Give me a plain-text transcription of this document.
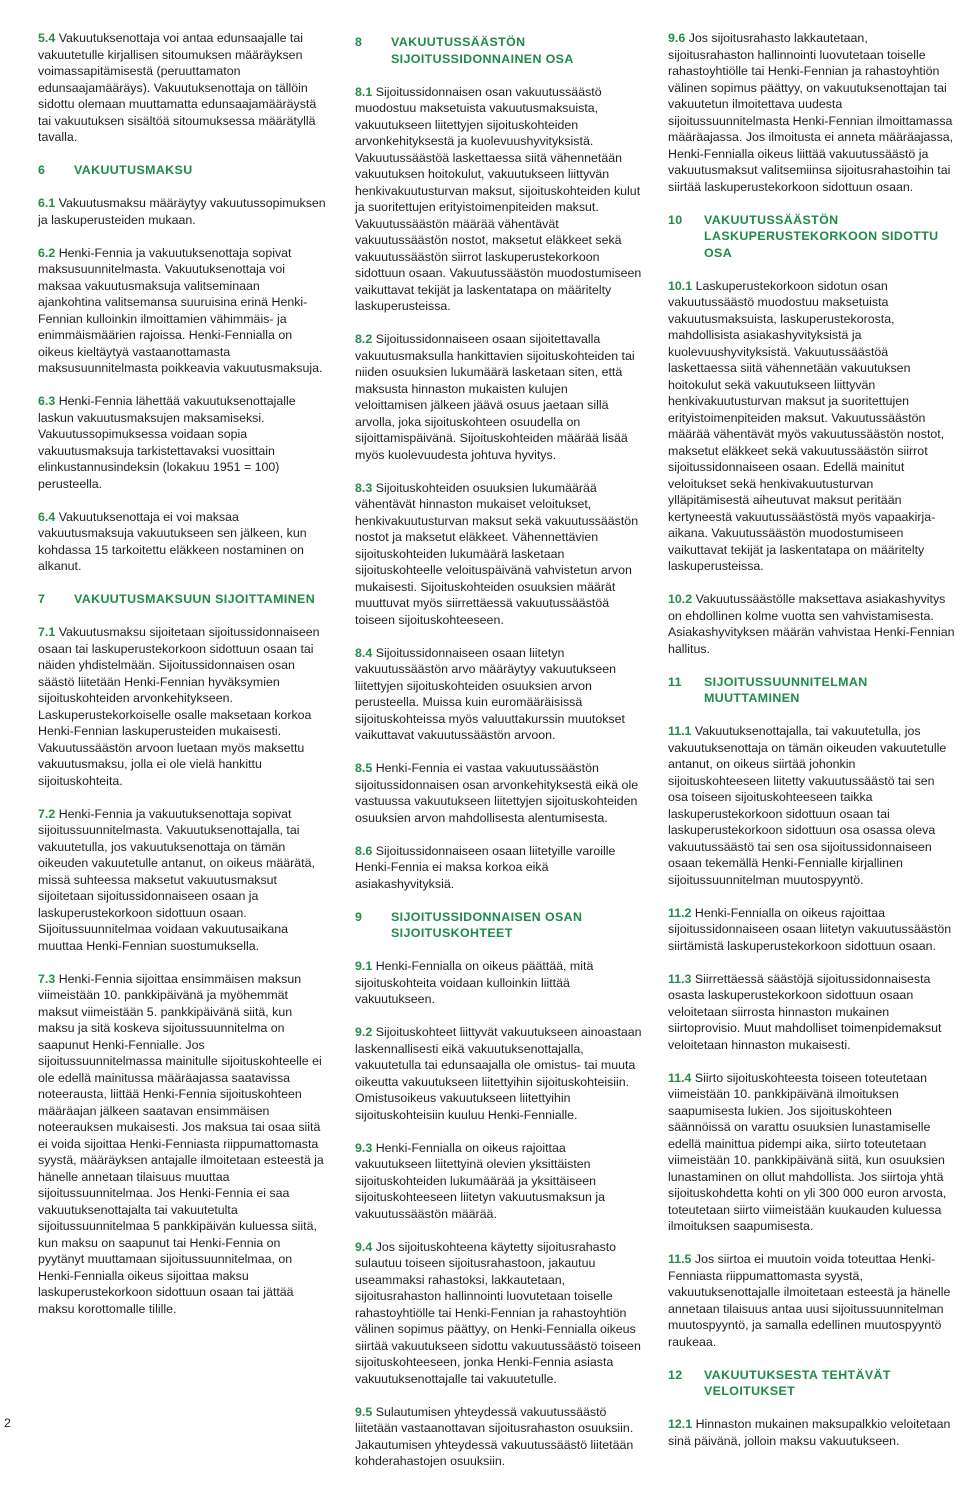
5.4 Vakuutuksenottaja voi antaa edunsaajalle tai vakuutetulle kirjallisen sitoumuksen määräyksen voimassapitämisestä (peruuttamaton edunsaajamääräys). Vakuutuksenottaja on tällöin sidottu olemaan muuttamatta edunsaajamääräystä tai vakuutuksen sisältöä sitoumuksessa määrätyllä tavalla.

6	VAKUUTUSMAKSU

6.1 Vakuutusmaksu määräytyy vakuutussopimuksen ja laskuperusteiden mukaan.

6.2 Henki-Fennia ja vakuutuksenottaja sopivat maksusuunnitelmasta. Vakuutuksenottaja voi maksaa vakuutusmaksuja valitseminaan ajankohtina valitsemansa suuruisina erinä Henki-Fennian kulloinkin ilmoittamien vähimmäis- ja enimmäismäärien rajoissa. Henki-Fennialla on oikeus kieltäytyä vastaanottamasta maksusuunnitelmasta poikkeavia vakuutusmaksuja.

6.3 Henki-Fennia lähettää vakuutuksenottajalle laskun vakuutusmaksujen maksamiseksi. Vakuutussopimuksessa voidaan sopia vakuutusmaksuja tarkistettavaksi vuosittain elinkustannusindeksin (lokakuu 1951 = 100) perusteella.

6.4 Vakuutuksenottaja ei voi maksaa vakuutusmaksuja vakuutukseen sen jälkeen, kun kohdassa 15 tarkoitettu eläkkeen nostaminen on alkanut.

7	VAKUUTUSMAKSUUN SIJOITTAMINEN

7.1 Vakuutusmaksu sijoitetaan sijoitussidonnaiseen osaan tai laskuperustekorkoon sidottuun osaan tai näiden yhdistelmään. Sijoitussidonnaisen osan säästö liitetään Henki-Fennian hyväksymien sijoituskohteiden arvonkehitykseen. Laskuperustekorkoiselle osalle maksetaan korkoa Henki-Fennian laskuperusteiden mukaisesti. Vakuutussäästön arvoon luetaan myös maksettu vakuutusmaksu, jolla ei ole vielä hankittu sijoituskohteita.

7.2 Henki-Fennia ja vakuutuksenottaja sopivat sijoitussuunnitelmasta. Vakuutuksenottajalla, tai vakuutetulla, jos vakuutuksenottaja on tämän oikeuden vakuutetulle antanut, on oikeus määrätä, missä suhteessa maksetut vakuutusmaksut sijoitetaan sijoitussidonnaiseen osaan ja laskuperustekorkoon sidottuun osaan. Sijoitussuunnitelmaa voidaan vakuutusaikana muuttaa Henki-Fennian suostumuksella.

7.3 Henki-Fennia sijoittaa ensimmäisen maksun viimeistään 10. pankkipäivänä ja myöhemmät maksut viimeistään 5. pankkipäivänä siitä, kun maksu ja sitä koskeva sijoitussuunnitelma on saapunut Henki-Fennialle. Jos sijoitussuunnitelmassa mainitulle sijoituskohteelle ei ole edellä mainitussa määräajassa saatavissa noteerausta, liittää Henki-Fennia sijoituskohteen määräajan jälkeen saatavan ensimmäisen noteerauksen mukaisesti. Jos maksua tai osaa siitä ei voida sijoittaa Henki-Fenniasta riippumattomasta syystä, määräyksen antajalle ilmoitetaan esteestä ja hänelle annetaan tilaisuus muuttaa sijoitussuunnitelmaa. Jos Henki-Fennia ei saa vakuutuksenottajalta tai vakuutetulta sijoitussuunnitelmaa 5 pankkipäivän kuluessa siitä, kun maksu on saapunut tai Henki-Fennia on pyytänyt muuttamaan sijoitussuunnitelmaa, on Henki-Fennialla oikeus sijoittaa maksu laskuperustekorkoon sidottuun osaan tai jättää maksu korottomalle tilille.

8	VAKUUTUSSÄÄSTÖN SIJOITUSSIDONNAINEN OSA

8.1 Sijoitussidonnaisen osan vakuutussäästö muodostuu maksetuista vakuutusmaksuista, vakuutukseen liitettyjen sijoituskohteiden arvonkehityksestä ja kuolevuushyvityksistä. Vakuutussäästöä laskettaessa siitä vähennetään vakuutuksen hoitokulut, vakuutukseen liittyvän henkivakuutusturvan maksut, sijoituskohteiden kulut ja suoritettujen erityistoimenpiteiden maksut. Vakuutussäästön määrää vähentävät vakuutussäästön nostot, maksetut eläkkeet sekä vakuutussäästön siirrot laskuperustekorkoon sidottuun osaan. Vakuutussäästön muodostumiseen vaikuttavat tekijät ja laskentatapa on määritelty laskuperusteissa.

8.2 Sijoitussidonnaiseen osaan sijoitettavalla vakuutusmaksulla hankittavien sijoituskohteiden tai niiden osuuksien lukumäärä lasketaan siten, että maksusta hinnaston mukaisten kulujen veloittamisen jälkeen jäävä osuus jaetaan sillä arvolla, joka sijoituskohteen osuudella on sijoittamispäivänä. Sijoituskohteiden määrää lisää myös kuolevuudesta johtuva hyvitys.

8.3 Sijoituskohteiden osuuksien lukumäärää vähentävät hinnaston mukaiset veloitukset, henkivakuutusturvan maksut sekä vakuutussäästön nostot ja maksetut eläkkeet. Vähennettävien sijoituskohteiden lukumäärä lasketaan sijoituskohteelle veloituspäivänä vahvistetun arvon mukaisesti. Sijoituskohteiden osuuksien määrät muuttuvat myös siirrettäessä vakuutussäästöä toiseen sijoituskohteeseen.

8.4 Sijoitussidonnaiseen osaan liitetyn vakuutussäästön arvo määräytyy vakuutukseen liitettyjen sijoituskohteiden osuuksien arvon perusteella. Muissa kuin euromääräisissä sijoituskohteissa myös valuuttakurssin muutokset vaikuttavat vakuutussäästön arvoon.

8.5 Henki-Fennia ei vastaa vakuutussäästön sijoitussidonnaisen osan arvonkehityksestä eikä ole vastuussa vakuutukseen liitettyjen sijoituskohteiden osuuksien arvon mahdollisesta alentumisesta.

8.6 Sijoitussidonnaiseen osaan liitetyille varoille Henki-Fennia ei maksa korkoa eikä asiakashyvityksiä.

9	SIJOITUSSIDONNAISEN OSAN SIJOITUSKOHTEET

9.1 Henki-Fennialla on oikeus päättää, mitä sijoituskohteita voidaan kulloinkin liittää vakuutukseen.

9.2 Sijoituskohteet liittyvät vakuutukseen ainoastaan laskennallisesti eikä vakuutuksenottajalla, vakuutetulla tai edunsaajalla ole omistus- tai muuta oikeutta vakuutukseen liitettyihin sijoituskohteisiin. Omistusoikeus vakuutukseen liitettyihin sijoituskohteisiin kuuluu Henki-Fennialle.

9.3 Henki-Fennialla on oikeus rajoittaa vakuutukseen liitettyinä olevien yksittäisten sijoituskohteiden lukumäärää ja yksittäiseen sijoituskohteeseen liitetyn vakuutusmaksun ja vakuutussäästön määrää.

9.4 Jos sijoituskohteena käytetty sijoitusrahasto sulautuu toiseen sijoitusrahastoon, jakautuu useammaksi rahastoksi, lakkautetaan, sijoitusrahaston hallinnointi luovutetaan toiselle rahastoyhtiölle tai Henki-Fennian ja rahastoyhtiön välinen sopimus päättyy, on Henki-Fennialla oikeus siirtää vakuutukseen sidottu vakuutussäästö toiseen sijoituskohteeseen, jonka Henki-Fennia asiasta vakuutuksenottajalle tai vakuutetulle.

9.5 Sulautumisen yhteydessä vakuutussäästö liitetään vastaanottavan sijoitusrahaston osuuksiin. Jakautumisen yhteydessä vakuutussäästö liitetään kohderahastojen osuuksiin.

9.6 Jos sijoitusrahasto lakkautetaan, sijoitusrahaston hallinnointi luovutetaan toiselle rahastoyhtiölle tai Henki-Fennian ja rahastoyhtiön välinen sopimus päättyy, on vakuutuksenottajan tai vakuutetun ilmoitettava uudesta sijoitussuunnitelmasta Henki-Fennian ilmoittamassa määräajassa. Jos ilmoitusta ei anneta määräajassa, Henki-Fennialla oikeus liittää vakuutussäästö ja vakuutusmaksut valitsemiinsa sijoitusrahastoihin tai siirtää laskuperustekorkoon sidottuun osaan.

10	VAKUUTUSSÄÄSTÖN LASKUPERUSTEKORKOON SIDOTTU OSA

10.1 Laskuperustekorkoon sidotun osan vakuutussäästö muodostuu maksetuista vakuutusmaksuista, laskuperustekorosta, mahdollisista asiakashyvityksistä ja kuolevuushyvityksistä. Vakuutussäästöä laskettaessa siitä vähennetään vakuutuksen hoitokulut sekä vakuutukseen liittyvän henkivakuutusturvan maksut ja suoritettujen erityistoimenpiteiden maksut. Vakuutussäästön määrää vähentävät myös vakuutussäästön nostot, maksetut eläkkeet sekä vakuutussäästön siirrot sijoitussidonnaiseen osaan. Edellä mainitut veloitukset sekä henkivakuutusturvan ylläpitämisestä aiheutuvat maksut peritään kertyneestä vakuutussäästöstä myös vapaakirja-aikana. Vakuutussäästön muodostumiseen vaikuttavat tekijät ja laskentatapa on määritelty laskuperusteissa.

10.2 Vakuutussäästölle maksettava asiakashyvitys on ehdollinen kolme vuotta sen vahvistamisesta. Asiakashyvityksen määrän vahvistaa Henki-Fennian hallitus.

11	SIJOITUSSUUNNITELMAN MUUTTAMINEN

11.1 Vakuutuksenottajalla, tai vakuutetulla, jos vakuutuksenottaja on tämän oikeuden vakuutetulle antanut, on oikeus siirtää johonkin sijoituskohteeseen liitetty vakuutussäästö tai sen osa toiseen sijoituskohteeseen taikka laskuperustekorkoon sidottuun osaan tai laskuperustekorkoon sidottuun osa osassa oleva vakuutussäästö tai sen osa sijoitussidonnaiseen osaan tekemällä Henki-Fennialle kirjallinen sijoitussuunnitelman muutospyyntö.

11.2 Henki-Fennialla on oikeus rajoittaa sijoitussidonnaiseen osaan liitetyn vakuutussäästön siirtämistä laskuperustekorkoon sidottuun osaan.

11.3 Siirrettäessä säästöjä sijoitussidonnaisesta osasta laskuperustekorkoon sidottuun osaan veloitetaan siirrosta hinnaston mukainen siirtoprovisio. Muut mahdolliset toimenpidemaksut veloitetaan hinnaston mukaisesti.

11.4 Siirto sijoituskohteesta toiseen toteutetaan viimeistään 10. pankkipäivänä ilmoituksen saapumisesta lukien. Jos sijoituskohteen säännöissä on varattu osuuksien lunastamiselle edellä mainittua pidempi aika, siirto toteutetaan viimeistään 10. pankkipäivänä siitä, kun osuuksien lunastaminen on ollut mahdollista. Jos siirtoja yhtä sijoituskohdetta kohti on yli 300 000 euron arvosta, toteutetaan siirto viimeistään kuukauden kuluessa ilmoituksen saapumisesta.

11.5 Jos siirtoa ei muutoin voida toteuttaa Henki-Fenniasta riippumattomasta syystä, vakuutuksenottajalle ilmoitetaan esteestä ja hänelle annetaan tilaisuus antaa uusi sijoitussuunnitelman muutospyyntö, ja samalla edellinen muutospyyntö raukeaa.

12	VAKUUTUKSESTA TEHTÄVÄT VELOITUKSET

12.1 Hinnaston mukainen maksupalkkio veloitetaan sinä päivänä, jolloin maksu vakuutukseen.

2
